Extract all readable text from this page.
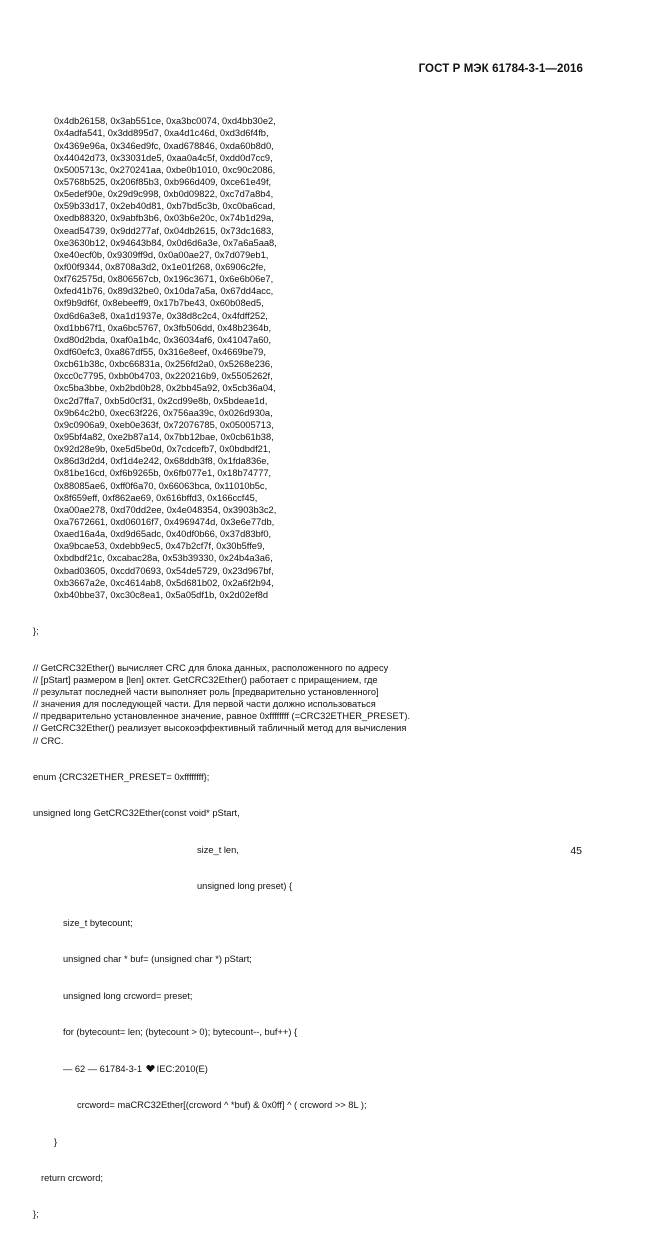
ГОСТ Р МЭК 61784-3-1—2016

0x4db26158, 0x3ab551ce, 0xa3bc0074, 0xd4bb30e2,
0x4adfa541, 0x3dd895d7, 0xa4d1c46d, 0xd3d6f4fb,
0x4369e96a, 0x346ed9fc, 0xad678846, 0xda60b8d0,
0x44042d73, 0x33031de5, 0xaa0a4c5f, 0xdd0d7cc9,
0x5005713c, 0x270241aa, 0xbe0b1010, 0xc90c2086,
0x5768b525, 0x206f85b3, 0xb966d409, 0xce61e49f,
0x5edef90e, 0x29d9c998, 0xb0d09822, 0xc7d7a8b4,
0x59b33d17, 0x2eb40d81, 0xb7bd5c3b, 0xc0ba6cad,
0xedb88320, 0x9abfb3b6, 0x03b6e20c, 0x74b1d29a,
0xead54739, 0x9dd277af, 0x04db2615, 0x73dc1683,
0xe3630b12, 0x94643b84, 0x0d6d6a3e, 0x7a6a5aa8,
0xe40ecf0b, 0x9309ff9d, 0x0a00ae27, 0x7d079eb1,
0xf00f9344, 0x8708a3d2, 0x1e01f268, 0x6906c2fe,
0xf762575d, 0x806567cb, 0x196c3671, 0x6e6b06e7,
0xfed41b76, 0x89d32be0, 0x10da7a5a, 0x67dd4acc,
0xf9b9df6f, 0x8ebeeff9, 0x17b7be43, 0x60b08ed5,
0xd6d6a3e8, 0xa1d1937e, 0x38d8c2c4, 0x4fdff252,
0xd1bb67f1, 0xa6bc5767, 0x3fb506dd, 0x48b2364b,
0xd80d2bda, 0xaf0a1b4c, 0x36034af6, 0x41047a60,
0xdf60efc3, 0xa867df55, 0x316e8eef, 0x4669be79,
0xcb61b38c, 0xbc66831a, 0x256fd2a0, 0x5268e236,
0xcc0c7795, 0xbb0b4703, 0x220216b9, 0x5505262f,
0xc5ba3bbe, 0xb2bd0b28, 0x2bb45a92, 0x5cb36a04,
0xc2d7ffa7, 0xb5d0cf31, 0x2cd99e8b, 0x5bdeae1d,
0x9b64c2b0, 0xec63f226, 0x756aa39c, 0x026d930a,
0x9c0906a9, 0xeb0e363f, 0x72076785, 0x05005713,
0x95bf4a82, 0xe2b87a14, 0x7bb12bae, 0x0cb61b38,
0x92d28e9b, 0xe5d5be0d, 0x7cdcefb7, 0x0bdbdf21,
0x86d3d2d4, 0xf1d4e242, 0x68ddb3f8, 0x1fda836e,
0x81be16cd, 0xf6b9265b, 0x6fb077e1, 0x18b74777,
0x88085ae6, 0xff0f6a70, 0x66063bca, 0x11010b5c,
0x8f659eff, 0xf862ae69, 0x616bffd3, 0x166ccf45,
0xa00ae278, 0xd70dd2ee, 0x4e048354, 0x3903b3c2,
0xa7672661, 0xd06016f7, 0x4969474d, 0x3e6e77db,
0xaed16a4a, 0xd9d65adc, 0x40df0b66, 0x37d83bf0,
0xa9bcae53, 0xdebb9ec5, 0x47b2cf7f, 0x30b5ffe9,
0xbdbdf21c, 0xcabac28a, 0x53b39330, 0x24b4a3a6,
0xbad03605, 0xcdd70693, 0x54de5729, 0x23d967bf,
0xb3667a2e, 0xc4614ab8, 0x5d681b02, 0x2a6f2b94,
0xb40bbe37, 0xc30c8ea1, 0x5a05df1b, 0x2d02ef8d

};

// GetCRC32Ether() вычисляет CRC для блока данных, расположенного по адресу
// [pStart] размером в [len] октет. GetCRC32Ether() работает с приращением, где
// результат последней части выполняет роль [предварительно установленного]
// значения для последующей части. Для первой части должно использоваться
// предварительно установленное значение, равное 0xffffffff (=CRC32ETHER_PRESET).
// GetCRC32Ether() реализует высокоэффективный табличный метод для вычисления
// CRC.

enum {CRC32ETHER_PRESET= 0xffffffff};

unsigned long GetCRC32Ether(const void* pStart,

size_t len,

unsigned long preset) {

size_t bytecount;

unsigned char * buf= (unsigned char *) pStart;

unsigned long crcword= preset;

for (bytecount= len; (bytecount > 0); bytecount--, buf++) {

— 62 — 61784-3-1 IEC:2010(E)

crcword= maCRC32Ether[(crcword ^ *buf) & 0x0ff] ^ ( crcword >> 8L );

}

return crcword;

};

45
